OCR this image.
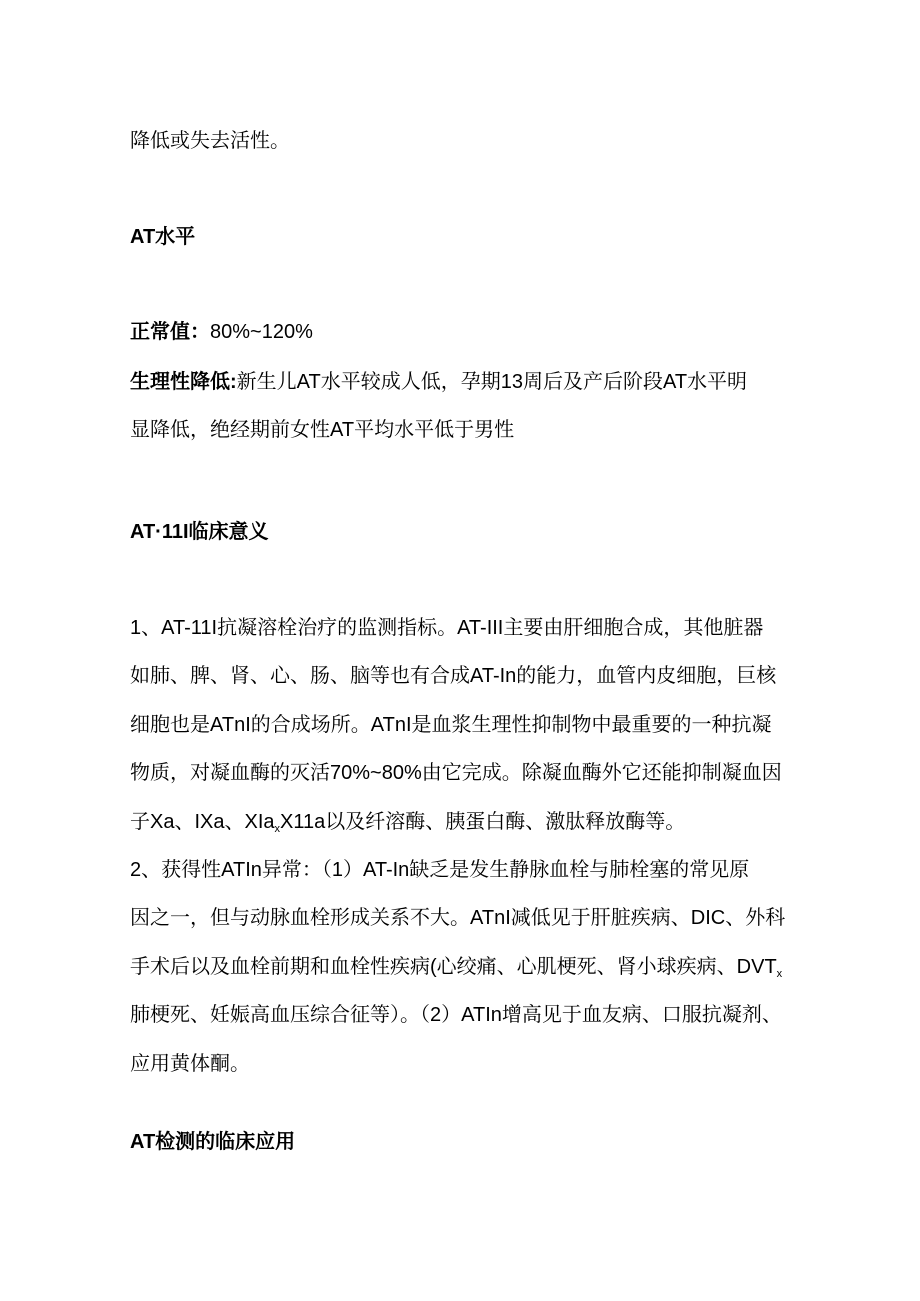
降低或失去活性。
AT水平
正常值：80%~120%
生理性降低:新生儿AT水平较成人低，孕期13周后及产后阶段AT水平明
显降低，绝经期前女性AT平均水平低于男性
AT·11I临床意义
1、AT-11I抗凝溶栓治疗的监测指标。AT-III主要由肝细胞合成，其他脏器
如肺、脾、肾、心、肠、脑等也有合成AT-In的能力，血管内皮细胞，巨核
细胞也是ATnI的合成场所。ATnI是血浆生理性抑制物中最重要的一种抗凝
物质，对凝血酶的灭活70%~80%由它完成。除凝血酶外它还能抑制凝血因
子Xa、IXa、XIa$_x$X11a以及纤溶酶、胰蛋白酶、激肽释放酶等。
2、获得性ATIn异常：（1）AT-In缺乏是发生静脉血栓与肺栓塞的常见原
因之一，但与动脉血栓形成关系不大。ATnI减低见于肝脏疾病、DIC、外科
手术后以及血栓前期和血栓性疾病(心绞痛、心肌梗死、肾小球疾病、$DVT_x$
肺梗死、妊娠高血压综合征等）。（2）ATIn增高见于血友病、口服抗凝剂、
应用黄体酮。
AT检测的临床应用
